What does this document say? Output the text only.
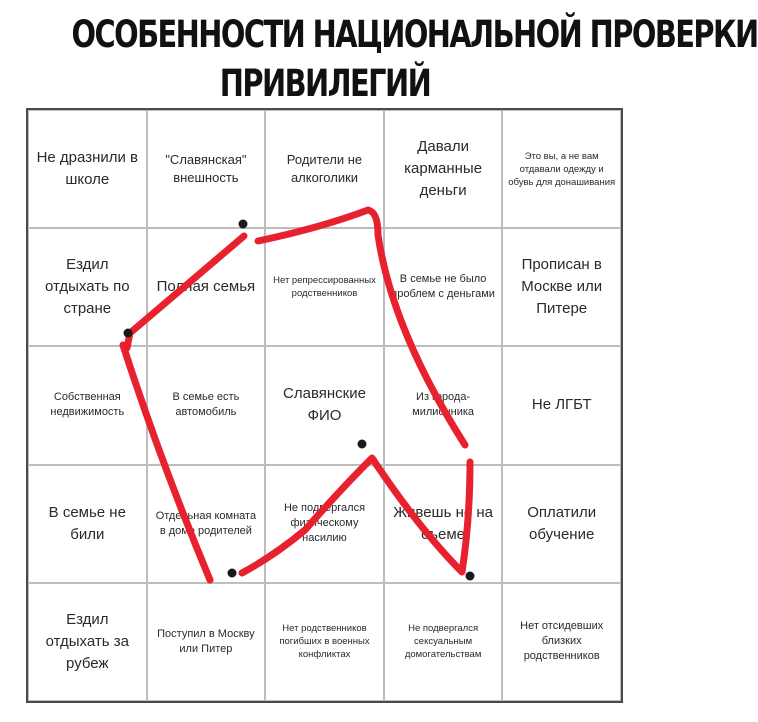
ОСОБЕННОСТИ НАЦИОНАЛЬНОЙ ПРОВЕРКИ
ПРИВИЛЕГИЙ
Не дразнили в школе
"Славянская" внешность
Родители не алкоголики
Давали карманные деньги
Это вы, а не вам отдавали одежду и обувь для донашивания
Ездил отдыхать по стране
Полная семья	Нет репрессированных родственников
В семье не было проблем с деньгами
Прописан в Москве или Питере
Собственная недвижимость
В семье есть автомобиль
Славянские ФИО
Из города-милионника	Не ЛГБТ
В семье не били
Отдельная комната в доме родителей
Не подвергался физическому насилию
Живешь не на съеме
Оплатили обучение
Ездил отдыхать за рубеж
Поступил в Москву или Питер
Нет родственников погибших в военных конфликтах
Не подвергался сексуальным домогательствам
Нет отсидевших близких родственников
